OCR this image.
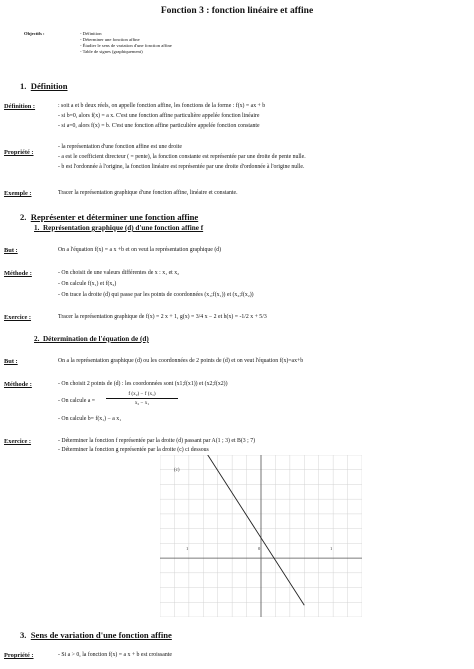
Fonction 3 : fonction linéaire et affine
Objectifs :	- Définition
- Déterminer une fonction affine
- Étudier le sens de variation d'une fonction affine
- Table de signes (graphiquement)
1. Définition
Définition :	: soit a et b deux réels, on appelle fonction affine, les fonctions de la forme : f(x) = ax + b
- si b=0, alors f(x) = a x. C'est une fonction affine particulière appelée fonction linéaire
- si a=0, alors f(x) = b. C'est une fonction affine particulière appelée fonction constante
Propriété :
- la représentation d'une fonction affine est une droite
- a est le coefficient directeur ( = pente), la fonction constante est représentée par une droite de pente nulle.
- b est l'ordonnée à l'origine, la fonction linéaire est représentée par une droite d'ordonnée à l'origine nulle.
Exemple :	Tracer la représentation graphique d'une fonction affine, linéaire et constante.
2. Représenter et déterminer une fonction affine
1. Représentation graphique (d) d'une fonction affine f
But :	On a l'équation f(x) = a x +b et on veut la représentation graphique (d)
Méthode :	- On choisit de une valeurs différentes de x : x₁ et x₂
- On calcule f(x₁) et f(x₂)
- On trace la droite (d) qui passe par les points de coordonnées (x₁;f(x₁)) et (x₂;f(x₂))
Exercice :	Tracer la représentation graphique de f(x) = 2 x + 1, g(x) = 3/4 x − 2 et h(x) = -1/2 x + 5/3
2. Détermination de l'équation de (d)
But :	On a la représentation graphique (d) ou les coordonnées de 2 points de (d) et on veut l'équation f(x)=ax+b
Méthode :	- On choisit 2 points de (d) : les coordonnées sont (x1;f(x1)) et (x2;f(x2))
- On calcule $a = \frac{\text{f (x₂) − f (x₁)}}{\text{x₂ − x₁}}$
- On calcule b= f(x₁) − a x₁
Exercice :	- Déterminer la fonction f représentée par la droite (d) passant par A(1 ; 3) et B(3 ; 7)
- Déterminer la fonction g représentée par la droite (c) ci dessous
(c)
1	0	1
3. Sens de variation d'une fonction affine
Propriété :	- Si a > 0, la fonction f(x) = a x + b est croissante
